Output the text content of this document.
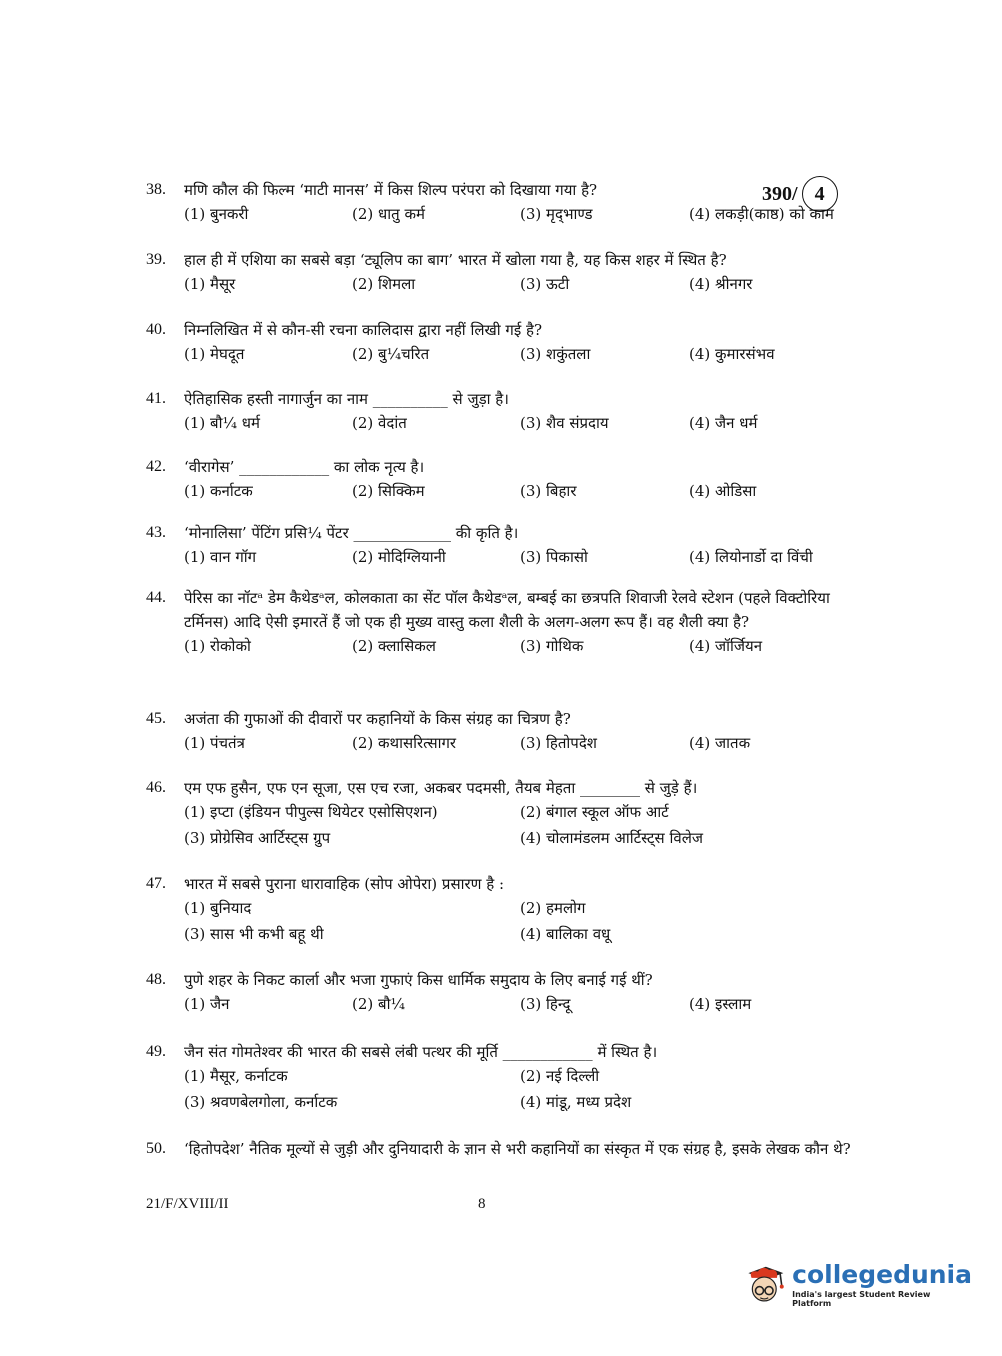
390/ 4
38.	मणि कौल की फिल्म ‘माटी मानस’ में किस शिल्प परंपरा को दिखाया गया है?
(1) बुनकरी	(2) धातु कर्म	(3) मृद्‌भाण्ड	(4) लकड़ी(काष्ठ) को काम
39.	हाल ही में एशिया का सबसे बड़ा ‘ट्यूलिप का बाग’ भारत में खोला गया है, यह किस शहर में स्थित है?
(1) मैसूर	(2) शिमला	(3) ऊटी	(4) श्रीनगर
40.	निम्नलिखित में से कौन-सी रचना कालिदास द्वारा नहीं लिखी गई है?
(1) मेघदूत	(2) बु¼चरित	(3) शकुंतला	(4) कुमारसंभव
41.	ऐतिहासिक हस्ती नागार्जुन का नाम __________ से जुड़ा है।
(1) बौ¼ धर्म	(2) वेदांत	(3) शैव संप्रदाय	(4) जैन धर्म
42.	‘वीरागेस’ ____________ का लोक नृत्य है।
(1) कर्नाटक	(2) सिक्किम	(3) बिहार	(4) ओडिसा
43.	‘मोनालिसा’ पेंटिंग प्रसि¼ पेंटर _____________ की कृति है।
(1) वान गॉग	(2) मोदिग्लियानी	(3) पिकासो	(4) लियोनार्डो दा विंची
44.	पेरिस का नॉटᵃ डेम कैथेडᵃल, कोलकाता का सेंट पॉल कैथेडᵃल, बम्बई का छत्रपति शिवाजी रेलवे स्टेशन (पहले विक्टोरिया टर्मिनस) आदि ऐसी इमारतें हैं जो एक ही मुख्य वास्तु कला शैली के अलग-अलग रूप हैं। वह शैली क्या है?
(1) रोकोको	(2) क्लासिकल	(3) गोथिक	(4) जॉर्जियन
45.	अजंता की गुफाओं की दीवारों पर कहानियों के किस संग्रह का चित्रण है?
(1) पंचतंत्र	(2) कथासरित्सागर	(3) हितोपदेश	(4) जातक
46.	एम एफ हुसैन, एफ एन सूजा, एस एच रजा, अकबर पदमसी, तैयब मेहता ________ से जुड़े हैं।
(1) इप्टा (इंडियन पीपुल्स थियेटर एसोसिएशन)	(2) बंगाल स्कूल ऑफ आर्ट
(3) प्रोग्रेसिव आर्टिस्ट्स ग्रुप	(4) चोलामंडलम आर्टिस्ट्स विलेज
47.	भारत में सबसे पुराना धारावाहिक (सोप ओपेरा) प्रसारण है :
(1) बुनियाद	(2) हमलोग
(3) सास भी कभी बहू थी	(4) बालिका वधू
48.	पुणे शहर के निकट कार्ला और भजा गुफाएं किस धार्मिक समुदाय के लिए बनाई गई थीं?
(1) जैन	(2) बौ¼	(3) हिन्दू	(4) इस्लाम
49.	जैन संत गोमतेश्वर की भारत की सबसे लंबी पत्थर की मूर्ति ____________ में स्थित है।
(1) मैसूर, कर्नाटक	(2) नई दिल्ली
(3) श्रवणबेलगोला, कर्नाटक	(4) मांडू, मध्य प्रदेश
50.	‘हितोपदेश’ नैतिक मूल्यों से जुड़ी और दुनियादारी के ज्ञान से भरी कहानियों का संस्कृत में एक संग्रह है, इसके लेखक कौन थे?
21/F/XVIII/II	8
collegedunia
India's largest Student Review Platform
